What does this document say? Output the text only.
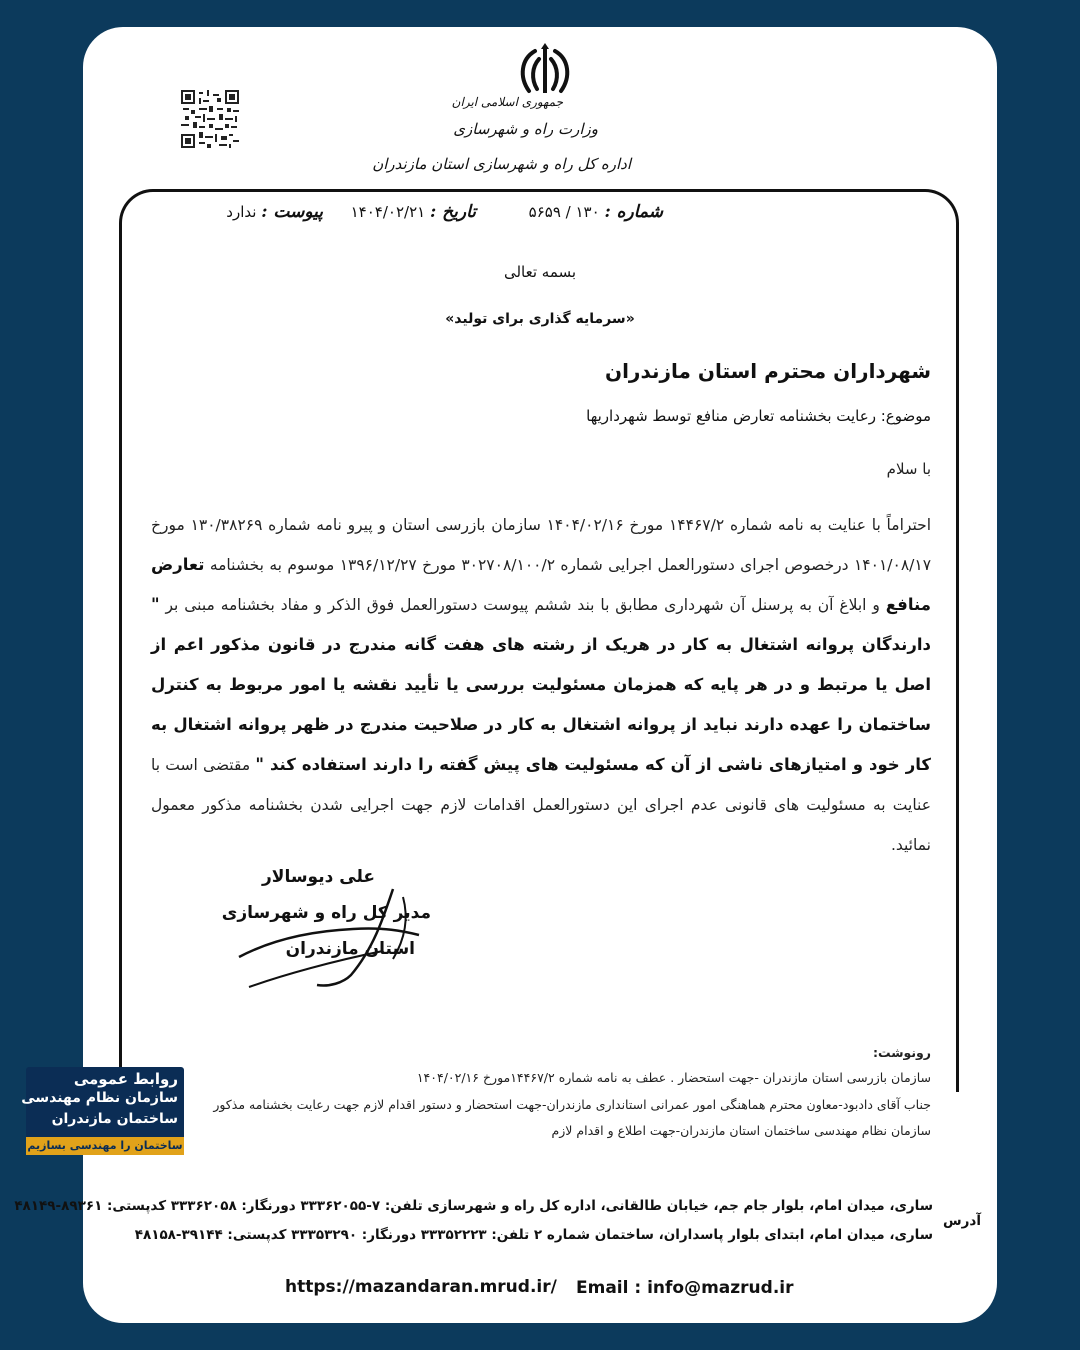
جمهوری اسلامی ایران
وزارت راه و شهرسازی
اداره کل راه و شهرسازی استان مازندران
شماره : ۱۳۰ / ۵۶۵۹
تاریخ : ۱۴۰۴/۰۲/۲۱
پیوست : ندارد
بسمه تعالی
«سرمایه گذاری برای تولید»
شهرداران محترم استان مازندران
موضوع: رعایت بخشنامه تعارض منافع توسط شهرداریها
با سلام
احتراماً با عنایت به نامه شماره ۱۴۴۶۷/۲ مورخ ۱۴۰۴/۰۲/۱۶ سازمان بازرسی استان و پیرو نامه شماره ۱۳۰/۳۸۲۶۹ مورخ ۱۴۰۱/۰۸/۱۷ درخصوص اجرای دستورالعمل اجرایی شماره ۳۰۲۷۰۸/۱۰۰/۲ مورخ ۱۳۹۶/۱۲/۲۷ موسوم به بخشنامه تعارض منافع و ابلاغ آن به پرسنل آن شهرداری مطابق با بند ششم پیوست دستورالعمل فوق الذکر و مفاد بخشنامه مبنی بر " دارندگان پروانه اشتغال به کار در هریک از رشته های هفت گانه مندرج در قانون مذکور اعم از اصل یا مرتبط و در هر پایه که همزمان مسئولیت بررسی یا تأیید نقشه یا امور مربوط به کنترل ساختمان را عهده دارند نباید از پروانه اشتغال به کار در صلاحیت مندرج در ظهر پروانه اشتغال به کار خود و امتیازهای ناشی از آن که مسئولیت های پیش گفته را دارند استفاده کند " مقتضی است با عنایت به مسئولیت های قانونی عدم اجرای این دستورالعمل اقدامات لازم جهت اجرایی شدن بخشنامه مذکور معمول نمائید.
علی دیوسالار
مدیر کل راه و شهرسازی
استان مازندران
رونوشت:
سازمان بازرسی استان مازندران -جهت استحضار . عطف به نامه شماره ۱۴۴۶۷/۲مورخ ۱۴۰۴/۰۲/۱۶
جناب آقای دادبود-معاون محترم هماهنگی امور عمرانی استانداری مازندران-جهت استحضار و دستور اقدام لازم جهت رعایت بخشنامه مذکور
سازمان نظام مهندسی ساختمان استان مازندران-جهت اطلاع و اقدام لازم
ساری، میدان امام، بلوار جام جم، خیابان طالقانی، اداره کل راه و شهرسازی تلفن: ۷-۳۳۳۶۲۰۵۵ دورنگار: ۳۳۳۶۲۰۵۸ کدپستی: ۸۹۳۶۱-۴۸۱۴۹
ساری، میدان امام، ابتدای بلوار پاسداران، ساختمان شماره ۲ تلفن: ۳۳۳۵۲۲۲۳ دورنگار: ۳۳۳۵۳۲۹۰ کدپستی: ۳۹۱۴۴-۴۸۱۵۸
آدرس
https://mazandaran.mrud.ir/ Email : info@mazrud.ir
روابط عمومی
سازمان نظام مهندسی
ساختمان مازندران
ساختمان را مهندسی بسازیم
